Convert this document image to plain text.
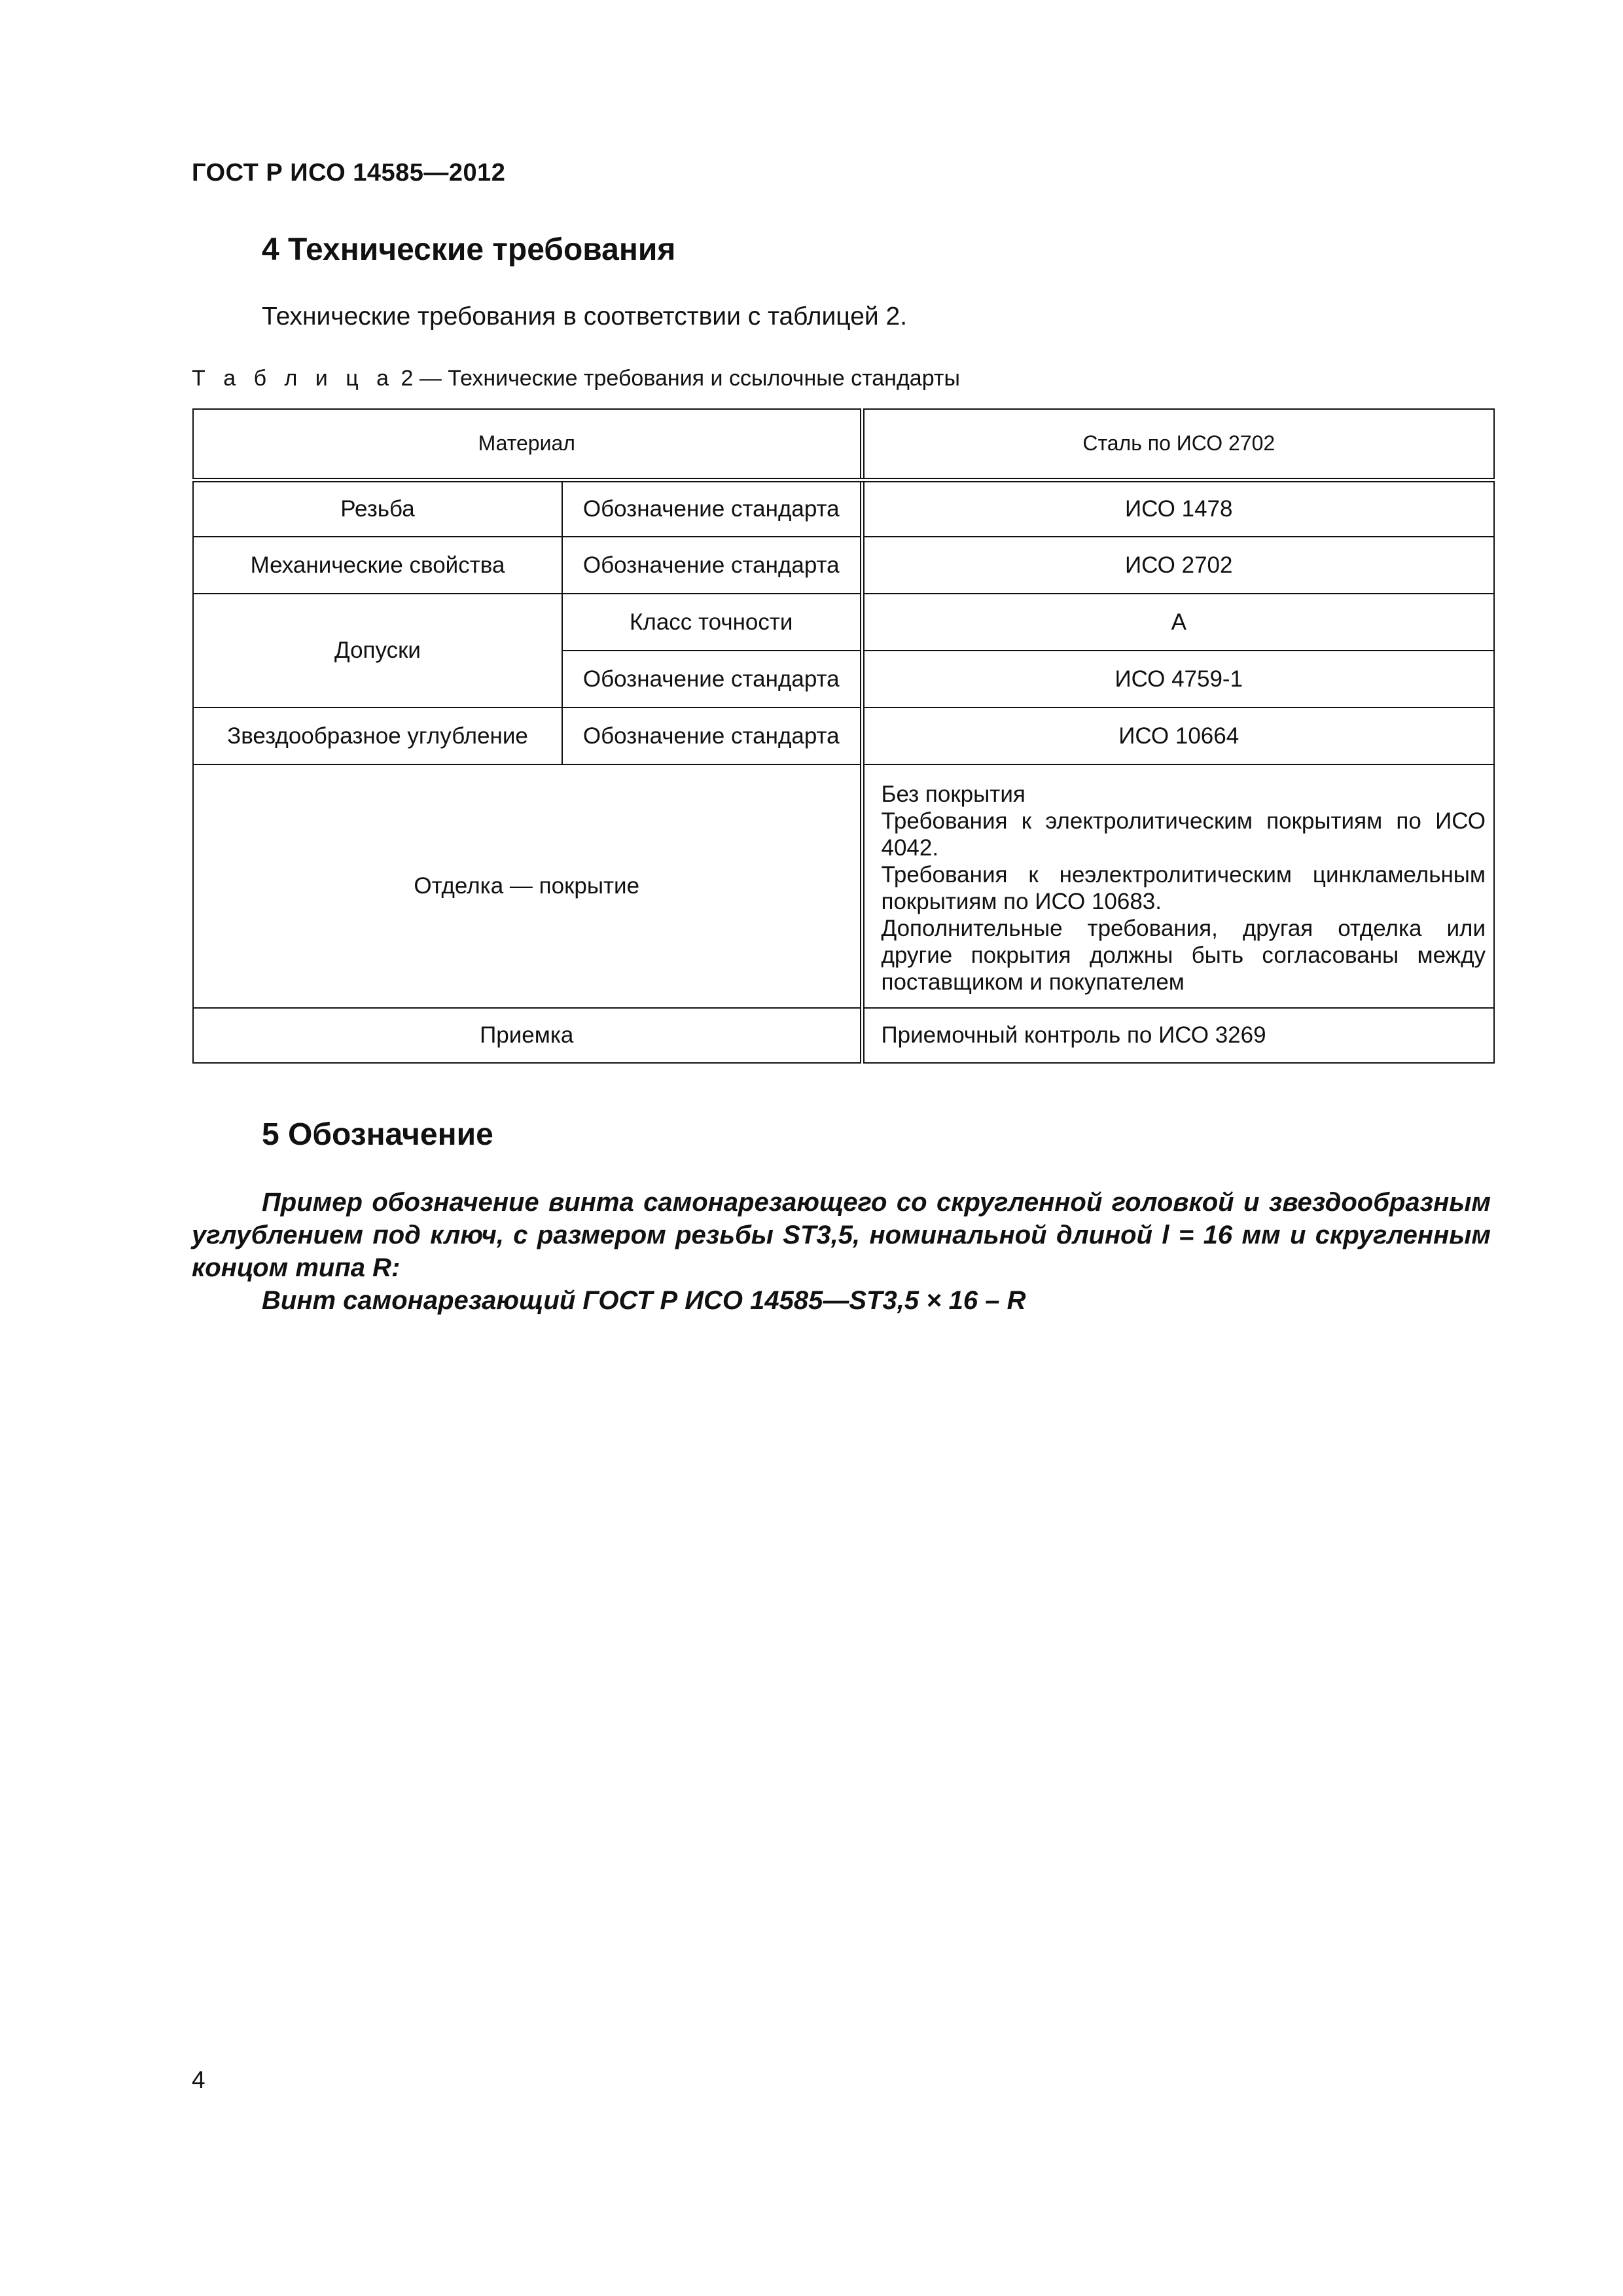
ГОСТ Р ИСО 14585—2012
4 Технические требования
Технические требования в соответствии с таблицей 2.
Т а б л и ц а 2 — Технические требования и ссылочные стандарты
Материал		Сталь по ИСО 2702
Резьба	Обозначение стандарта	ИСО 1478
Механические свойства	Обозначение стандарта	ИСО 2702
Допуски	Класс точности	A
	Обозначение стандарта	ИСО 4759-1
Звездообразное углубление	Обозначение стандарта	ИСО 10664
Отделка — покрытие		Без покрытия
Требования к электролитическим покрытиям по ИСО 4042.
Требования к неэлектролитическим цинкламельным покрытиям по ИСО 10683.
Дополнительные требования, другая отделка или другие покрытия должны быть согласованы между поставщиком и покупателем

Приемка		Приемочный контроль по ИСО 3269
5 Обозначение

Пример обозначение винта самонарезающего со скругленной головкой и звездообразным углублением под ключ, с размером резьбы ST3,5, номинальной длиной l = 16 мм и скругленным концом типа R:

Винт самонарезающий ГОСТ Р ИСО 14585—ST3,5 × 16 – R

4
